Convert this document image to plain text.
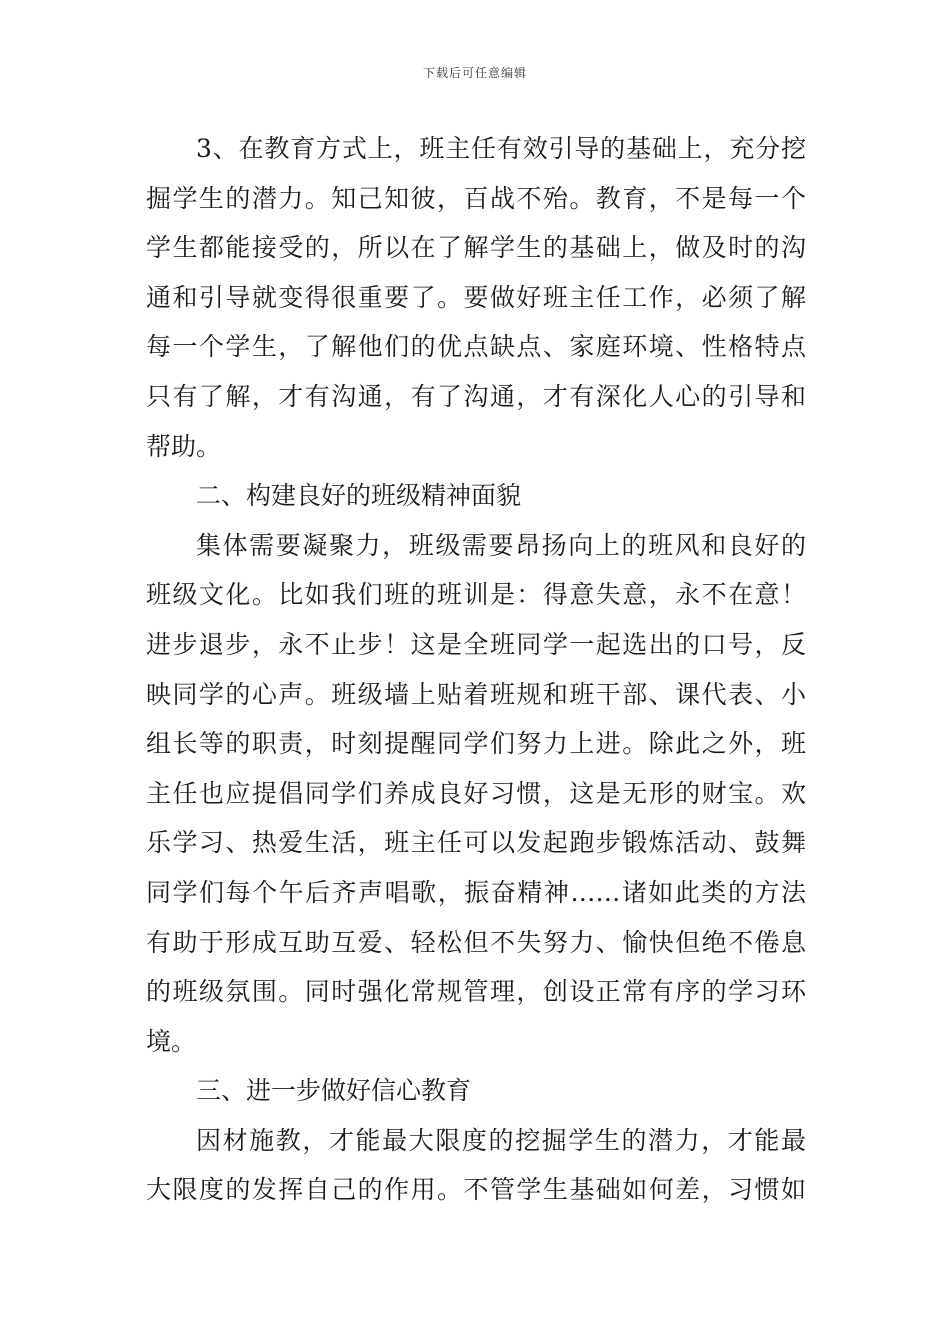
下载后可任意编辑
3、在教育方式上，班主任有效引导的基础上，充分挖
掘学生的潜力。知己知彼，百战不殆。教育，不是每一个
学生都能接受的，所以在了解学生的基础上，做及时的沟
通和引导就变得很重要了。要做好班主任工作，必须了解
每一个学生，了解他们的优点缺点、家庭环境、性格特点
只有了解，才有沟通，有了沟通，才有深化人心的引导和
帮助。
二、构建良好的班级精神面貌
集体需要凝聚力，班级需要昂扬向上的班风和良好的
班级文化。比如我们班的班训是：得意失意，永不在意！
进步退步，永不止步！这是全班同学一起选出的口号，反
映同学的心声。班级墙上贴着班规和班干部、课代表、小
组长等的职责，时刻提醒同学们努力上进。除此之外，班
主任也应提倡同学们养成良好习惯，这是无形的财宝。欢
乐学习、热爱生活，班主任可以发起跑步锻炼活动、鼓舞
同学们每个午后齐声唱歌，振奋精神……诸如此类的方法
有助于形成互助互爱、轻松但不失努力、愉快但绝不倦息
的班级氛围。同时强化常规管理，创设正常有序的学习环
境。
三、进一步做好信心教育
因材施教，才能最大限度的挖掘学生的潜力，才能最
大限度的发挥自己的作用。不管学生基础如何差，习惯如
